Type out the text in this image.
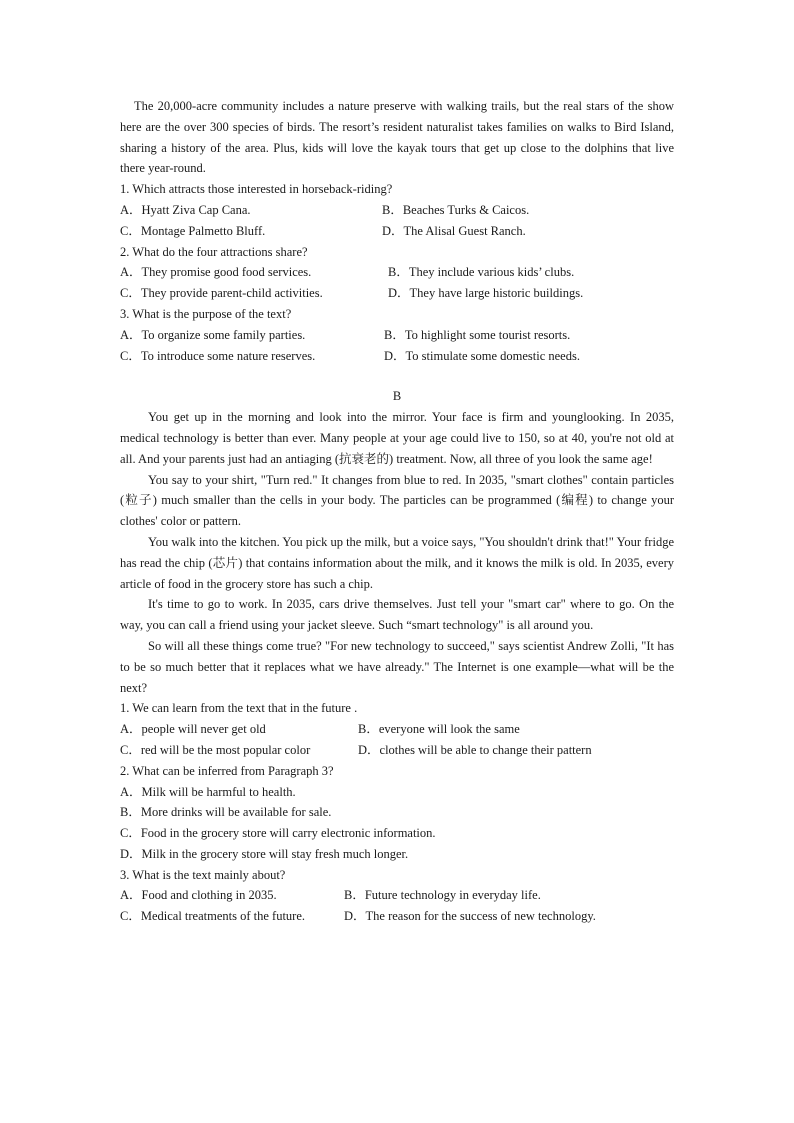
The 20,000-acre community includes a nature preserve with walking trails, but the real stars of the show here are the over 300 species of birds. The resort’s resident naturalist takes families on walks to Bird Island, sharing a history of the area. Plus, kids will love the kayak tours that get up close to the dolphins that live there year-round.

1. Which attracts those interested in horseback-riding?
A．Hyatt Ziva Cap Cana.	B．Beaches Turks & Caicos.
C．Montage Palmetto Bluff.	D．The Alisal Guest Ranch.
2. What do the four attractions share?
A．They promise good food services.	B．They include various kids’ clubs.
C．They provide parent-child activities.	D．They have large historic buildings.
3. What is the purpose of the text?
A．To organize some family parties.	B．To highlight some tourist resorts.
C．To introduce some nature reserves.	D．To stimulate some domestic needs.
B

You get up in the morning and look into the mirror. Your face is firm and younglooking. In 2035, medical technology is better than ever. Many people at your age could live to 150, so at 40, you're not old at all. And your parents just had an antiaging (抗衰老的) treatment. Now, all three of you look the same age!

You say to your shirt, "Turn red." It changes from blue to red. In 2035, "smart clothes" contain particles (粒子) much smaller than the cells in your body. The particles can be programmed (编程) to change your clothes' color or pattern.

You walk into the kitchen. You pick up the milk, but a voice says, "You shouldn't drink that!" Your fridge has read the chip (芯片) that contains information about the milk, and it knows the milk is old. In 2035, every article of food in the grocery store has such a chip.

It's time to go to work. In 2035, cars drive themselves. Just tell your "smart car" where to go. On the way, you can call a friend using your jacket sleeve. Such “smart technology" is all around you.

So will all these things come true? "For new technology to succeed," says scientist Andrew Zolli, "It has to be so much better that it replaces what we have already." The Internet is one example—what will be the next?

1. We can learn from the text that in the future .
A．people will never get old	B．everyone will look the same
C．red will be the most popular color	D．clothes will be able to change their pattern
2. What can be inferred from Paragraph 3?
A．Milk will be harmful to health.
B．More drinks will be available for sale.
C．Food in the grocery store will carry electronic information.
D．Milk in the grocery store will stay fresh much longer.
3. What is the text mainly about?
A．Food and clothing in 2035.	B．Future technology in everyday life.
C．Medical treatments of the future.	D．The reason for the success of new technology.
